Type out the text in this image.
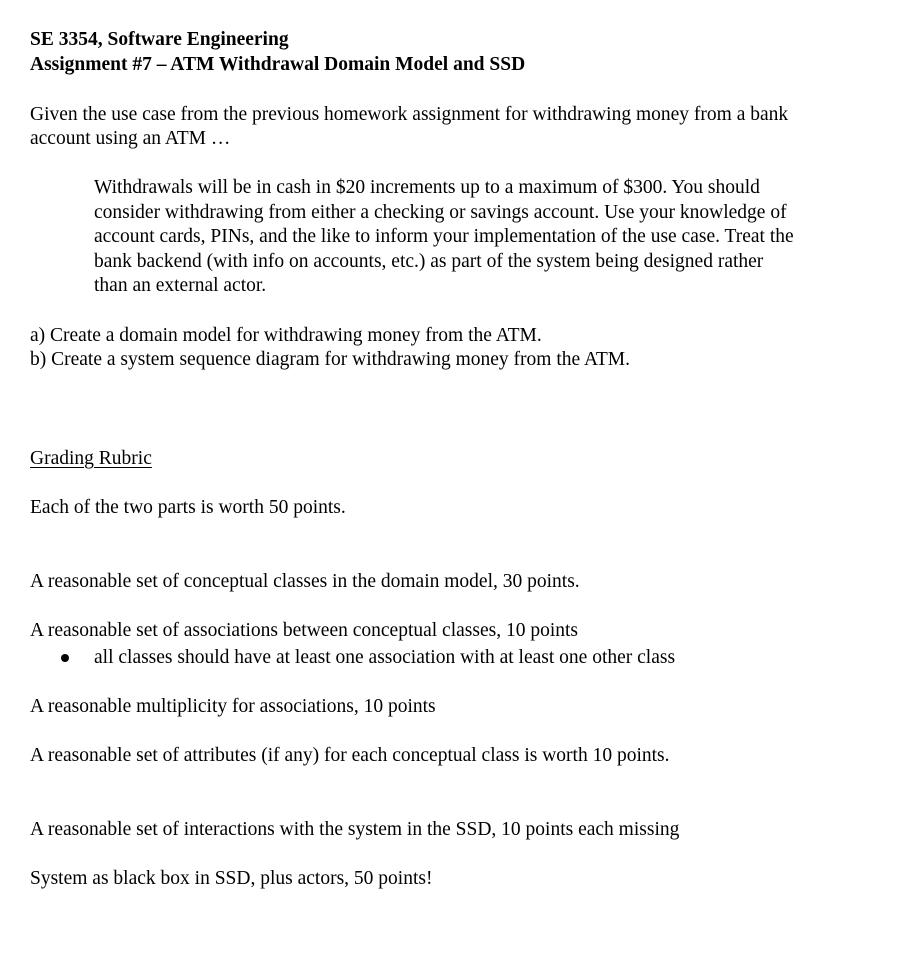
SE 3354, Software Engineering

Assignment #7 – ATM Withdrawal Domain Model and SSD

Given the use case from the previous homework assignment for withdrawing money from a bank

account using an ATM …

Withdrawals will be in cash in $20 increments up to a maximum of $300. You should

consider withdrawing from either a checking or savings account. Use your knowledge of

account cards, PINs, and the like to inform your implementation of the use case. Treat the

bank backend (with info on accounts, etc.) as part of the system being designed rather

than an external actor.

a) Create a domain model for withdrawing money from the ATM.

b) Create a system sequence diagram for withdrawing money from the ATM.

Grading Rubric

Each of the two parts is worth 50 points.

A reasonable set of conceptual classes in the domain model, 30 points.

A reasonable set of associations between conceptual classes, 10 points

all classes should have at least one association with at least one other class

A reasonable multiplicity for associations, 10 points

A reasonable set of attributes (if any) for each conceptual class is worth 10 points.

A reasonable set of interactions with the system in the SSD, 10 points each missing

System as black box in SSD, plus actors, 50 points!
